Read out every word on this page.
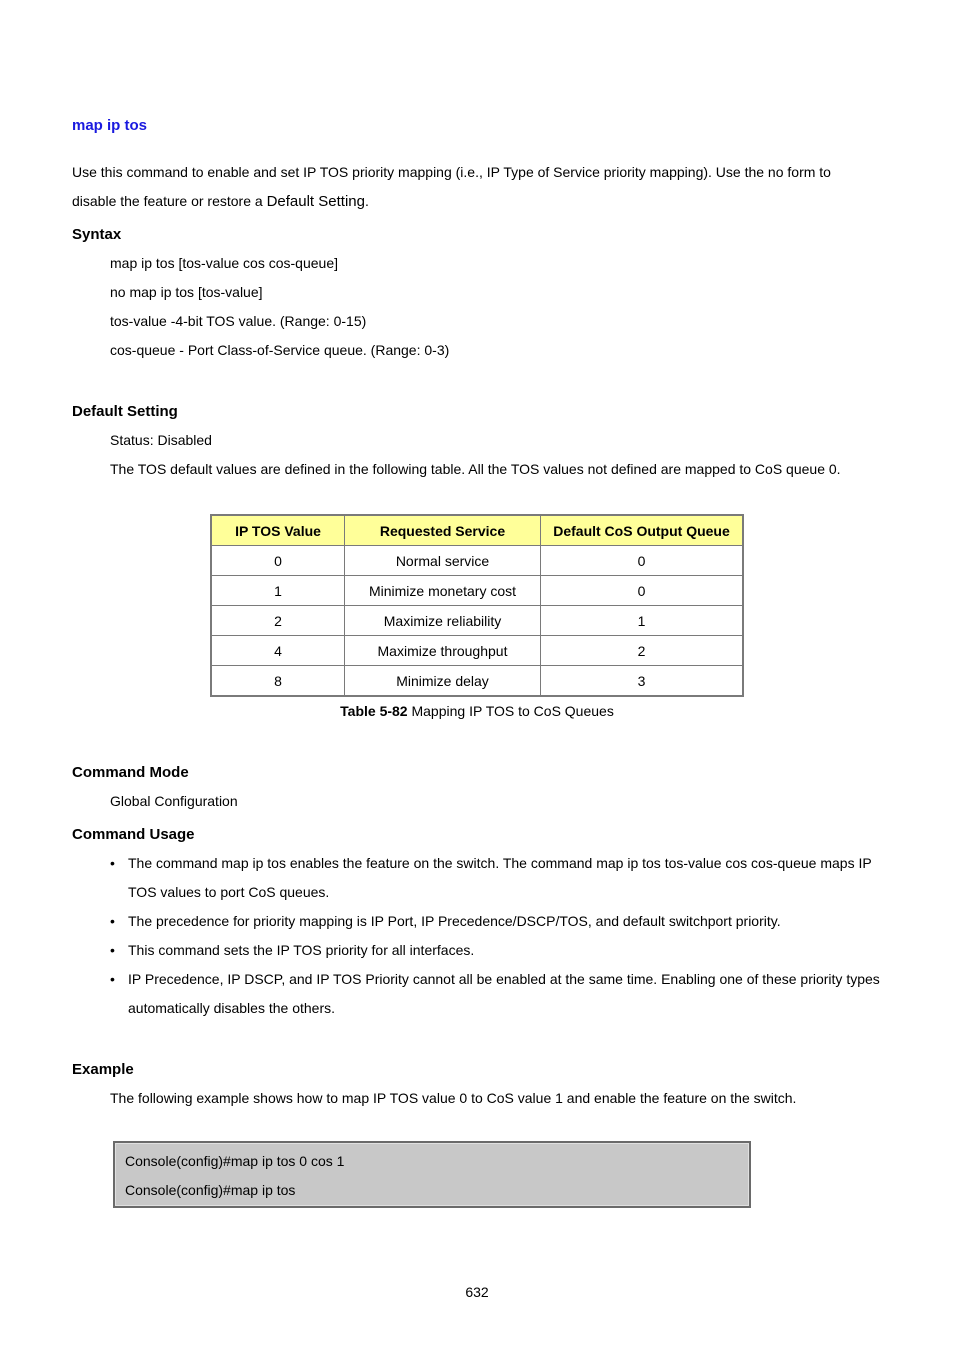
map ip tos
Use this command to enable and set IP TOS priority mapping (i.e., IP Type of Service priority mapping). Use the no form to
disable the feature or restore a Default Setting.
Syntax
map ip tos [tos-value cos cos-queue]
no map ip tos [tos-value]
tos-value -4-bit TOS value. (Range: 0-15)
cos-queue - Port Class-of-Service queue. (Range: 0-3)
Default Setting
Status: Disabled
The TOS default values are defined in the following table. All the TOS values not defined are mapped to CoS queue 0.
IP TOS Value	Requested Service	Default CoS Output Queue
0	Normal service	0
1	Minimize monetary cost	0
2	Maximize reliability	1
4	Maximize throughput	2
8	Minimize delay	3
Table 5-82 Mapping IP TOS to CoS Queues
Command Mode
Global Configuration
Command Usage
• The command map ip tos enables the feature on the switch. The command map ip tos tos-value cos cos-queue maps IP TOS values to port CoS queues.
• The precedence for priority mapping is IP Port, IP Precedence/DSCP/TOS, and default switchport priority.
• This command sets the IP TOS priority for all interfaces.
• IP Precedence, IP DSCP, and IP TOS Priority cannot all be enabled at the same time. Enabling one of these priority types automatically disables the others.
Example
The following example shows how to map IP TOS value 0 to CoS value 1 and enable the feature on the switch.
Console(config)#map ip tos 0 cos 1
Console(config)#map ip tos
632
